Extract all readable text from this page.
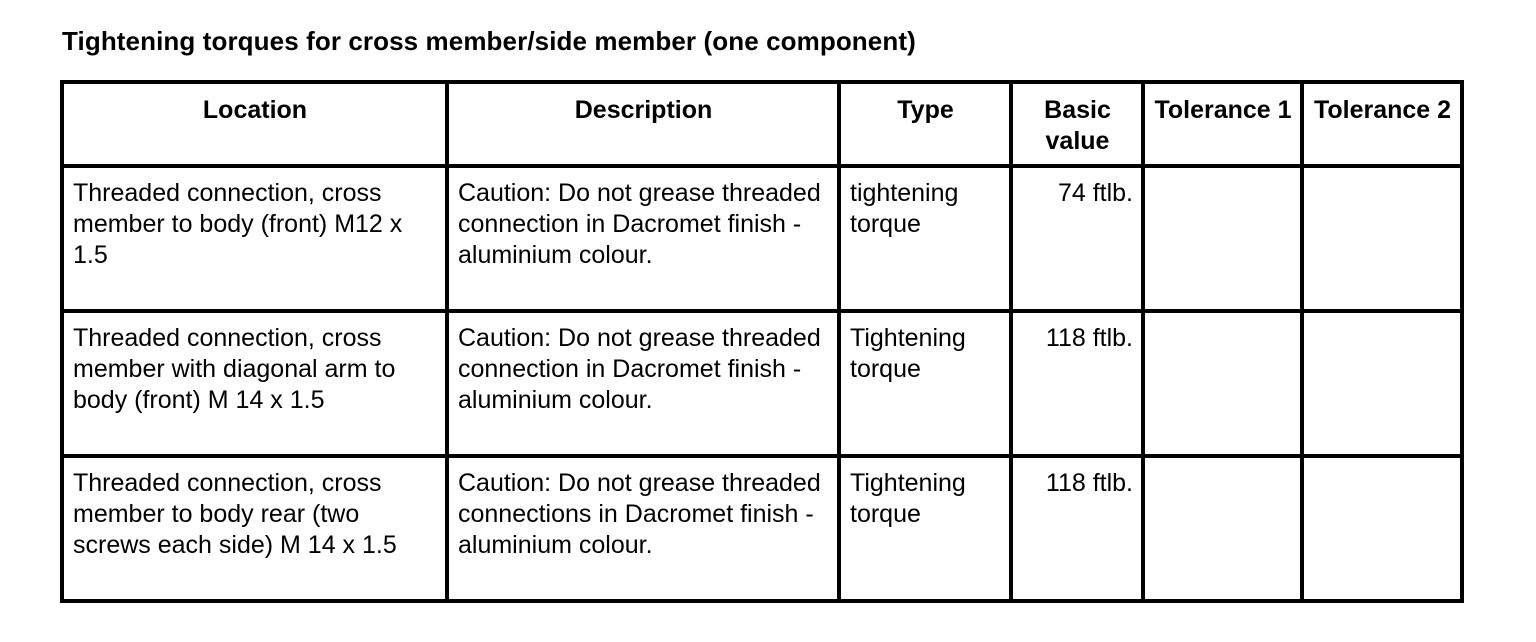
Tightening torques for cross member/side member (one component)
Location	Description	Type	Basic value	Tolerance 1	Tolerance 2
Threaded connection, cross member to body (front) M12 x 1.5	Caution: Do not grease threaded connection in Dacromet finish - aluminium colour.	tightening torque	74 ftlb.		
Threaded connection, cross member with diagonal arm to body (front) M 14 x 1.5	Caution: Do not grease threaded connection in Dacromet finish - aluminium colour.	Tightening torque	118 ftlb.		
Threaded connection, cross member to body rear (two screws each side) M 14 x 1.5	Caution: Do not grease threaded connections in Dacromet finish - aluminium colour.	Tightening torque	118 ftlb.		
